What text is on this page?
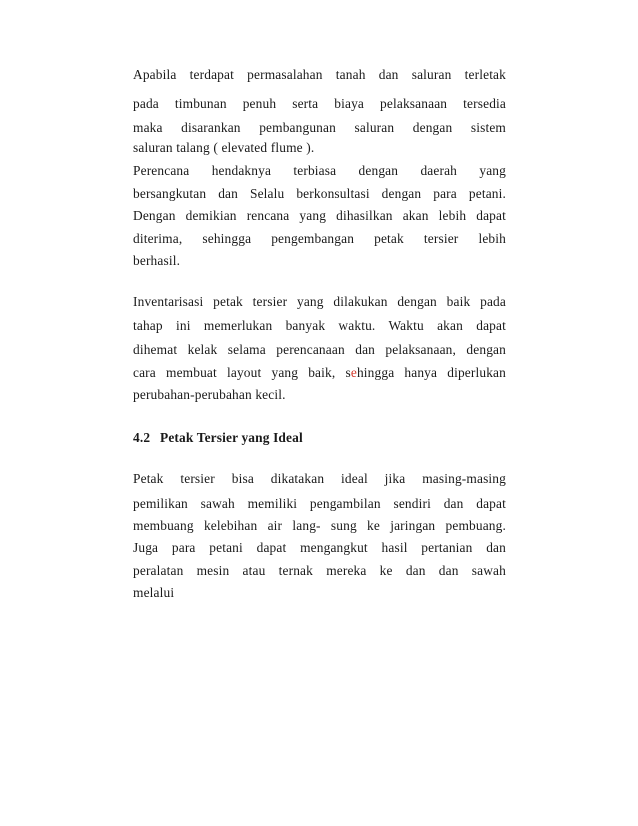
Apabila terdapat permasalahan tanah dan saluran terletak
pada timbunan penuh serta biaya pelaksanaan tersedia
maka disarankan pembangunan saluran dengan sistem
saluran talang ( elevated flume ).
Perencana hendaknya terbiasa dengan daerah yang
bersangkutan dan Selalu berkonsultasi dengan para petani.
Dengan demikian rencana yang dihasilkan akan lebih dapat
diterima, sehingga pengembangan petak tersier lebih
berhasil.
Inventarisasi petak tersier yang dilakukan dengan baik pada
tahap ini memerlukan banyak waktu. Waktu akan dapat
dihemat kelak selama perencanaan dan pelaksanaan, dengan
cara membuat layout yang baik, sehingga hanya diperlukan
perubahan-perubahan kecil.
4.2 Petak Tersier yang Ideal
Petak tersier bisa dikatakan ideal jika masing-masing
pemilikan sawah memiliki pengambilan sendiri dan dapat
membuang kelebihan air lang- sung ke jaringan pembuang.
Juga para petani dapat mengangkut hasil pertanian dan
peralatan mesin atau ternak mereka ke dan dan sawah
melalui
